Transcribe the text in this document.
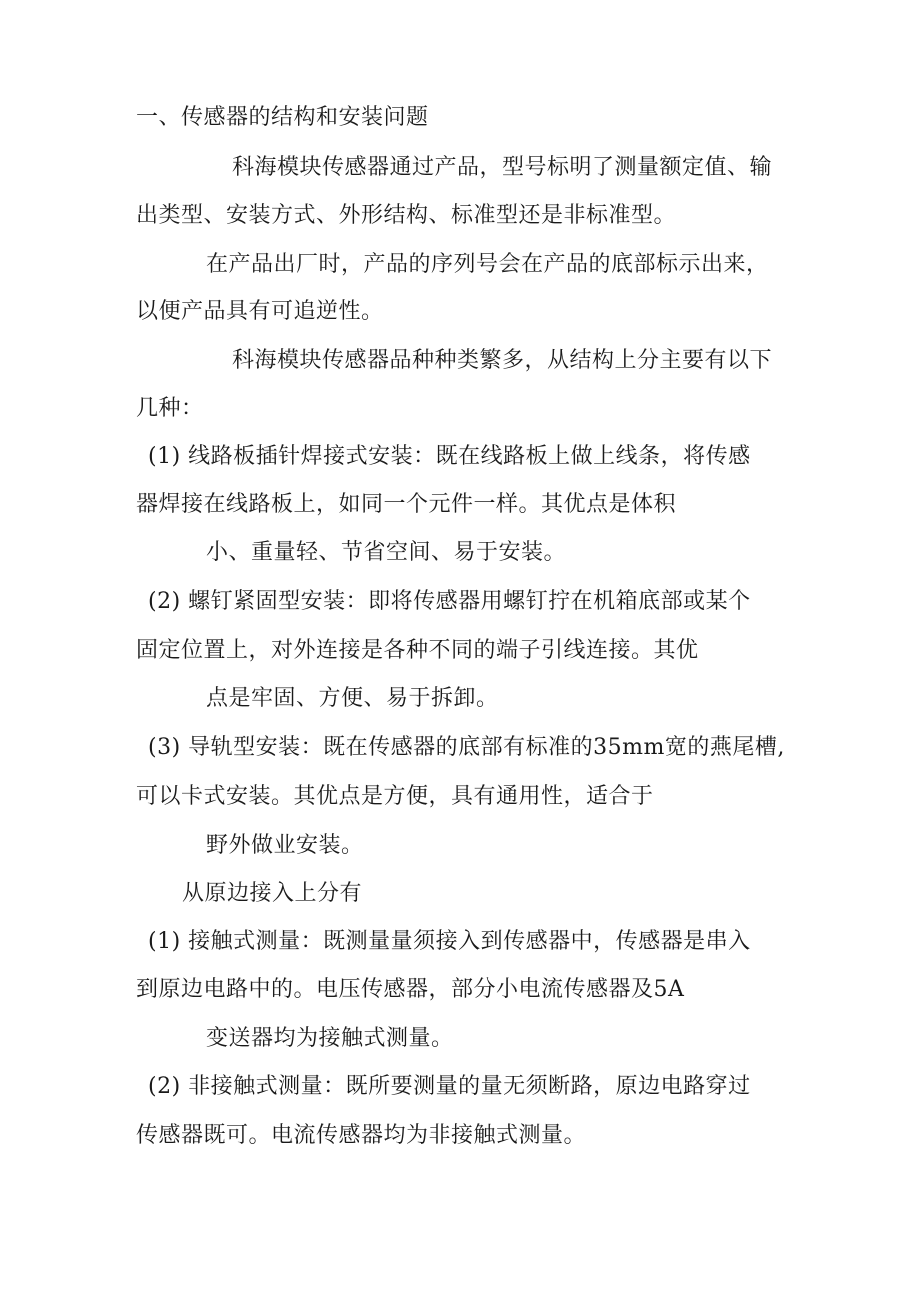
一、传感器的结构和安装问题
科海模块传感器通过产品，型号标明了测量额定值、输
出类型、安装方式、外形结构、标准型还是非标准型。
在产品出厂时，产品的序列号会在产品的底部标示出来，
以便产品具有可追逆性。
科海模块传感器品种种类繁多，从结构上分主要有以下
几种：
(1) 线路板插针焊接式安装：既在线路板上做上线条，将传感
器焊接在线路板上，如同一个元件一样。其优点是体积
小、重量轻、节省空间、易于安装。
(2) 螺钉紧固型安装：即将传感器用螺钉拧在机箱底部或某个
固定位置上，对外连接是各种不同的端子引线连接。其优
点是牢固、方便、易于拆卸。
(3) 导轨型安装：既在传感器的底部有标准的35mm宽的燕尾槽,
可以卡式安装。其优点是方便，具有通用性，适合于
野外做业安装。
从原边接入上分有
(1) 接触式测量：既测量量须接入到传感器中，传感器是串入
到原边电路中的。电压传感器，部分小电流传感器及5A
变送器均为接触式测量。
(2) 非接触式测量：既所要测量的量无须断路，原边电路穿过
传感器既可。电流传感器均为非接触式测量。
